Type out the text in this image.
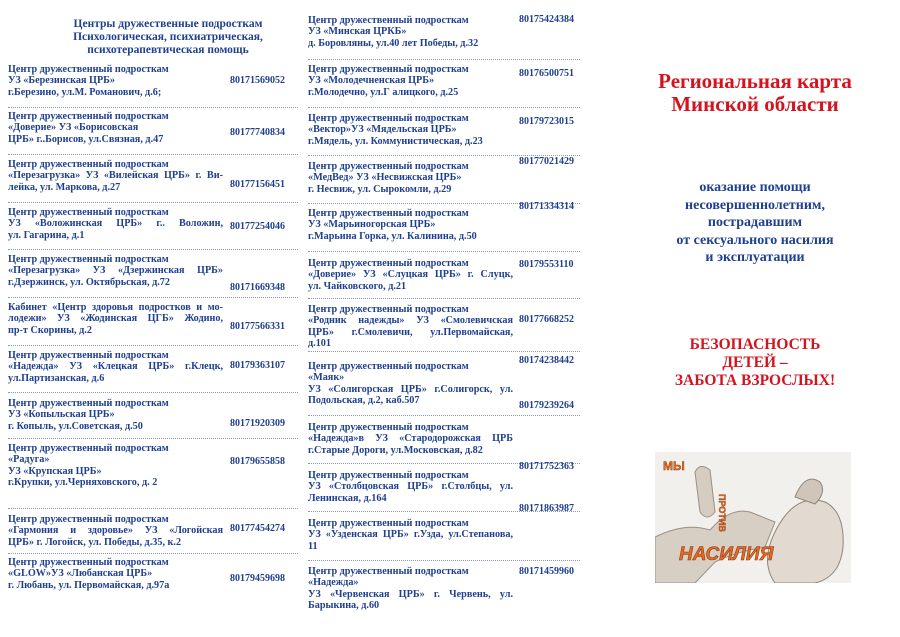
Центры дружественные подросткам
Психологическая, психиатрическая,
психотерапевтическая помощь
Центр дружественный подросткам
УЗ «Березинская ЦРБ»
г.Березино, ул.М. Романович, д.6;
80171569052
Центр дружественный подросткам
«Доверие» УЗ «Борисовская
ЦРБ» г..Борисов, ул.Связная, д.47
80177740834
Центр дружественный подросткам
«Перезагрузка» УЗ «Вилейская ЦРБ» г. Ви-
лейка, ул. Маркова, д.27	80177156451
Центр дружественный подросткам
УЗ «Воложинская ЦРБ» г.. Воложин,
ул. Гагарина, д.1
80177254046
Центр дружественный подросткам
«Перезагрузка» УЗ «Дзержинская ЦРБ»
г.Дзержинск, ул. Октябрьская, д.72	80171669348
Кабинет «Центр здоровья подростков и мо-
лодежи» УЗ «Жодинская ЦГБ» Жодино,
пр-т Скорины, д.2	80177566331
Центр дружественный подросткам
«Надежда» УЗ «Клецкая ЦРБ» г.Клецк,
ул.Партизанская, д.6
80179363107
Центр дружественный подросткам
УЗ «Копыльская ЦРБ»
г. Копыль, ул.Советская, д.50	80171920309
Центр дружественный подросткам
«Радуга»
УЗ «Крупская ЦРБ»
г.Крупки, ул.Черняховского, д. 2
80179655858
Центр дружественный подросткам
«Гармония и здоровье» УЗ «Логойская
ЦРБ» г. Логойск, ул. Победы, д.35, к.2
80177454274
Центр дружественный подросткам
«GLOW»УЗ «Любанская ЦРБ»
г. Любань, ул. Первомайская, д.97а
80179459698
Центр дружественный подросткам
УЗ «Минская ЦРКБ»
д. Боровляны, ул.40 лет Победы, д.32
80175424384
Центр дружественный подросткам
УЗ «Молодечненская ЦРБ»
г.Молодечно, ул.Г алицкого, д.25
80176500751
Центр дружественный подросткам
«Вектор»УЗ «Мядельская ЦРБ»
г.Мядель, ул. Коммунистическая, д.23
80179723015
Центр дружественный подросткам
«МедВед» УЗ «Несвижская ЦРБ»
г. Несвиж, ул. Сырокомли, д.29
80177021429
Центр дружественный подросткам
УЗ «Марьиногорская ЦРБ»
г.Марьина Горка, ул. Калинина, д.50
80171334314
Центр дружественный подросткам
«Доверие» УЗ «Слуцкая ЦРБ» г. Слуцк,
ул. Чайковского, д.21
80179553110
Центр дружественный подросткам
«Родник надежды» УЗ «Смолевичская
ЦРБ» г.Смолевичи, ул.Первомайская,
д.101
80177668252
Центр дружественный подросткам
«Маяк»
УЗ «Солигорская ЦРБ» г.Солигорск, ул.
Подольская, д.2, каб.507
80174238442
Центр дружественный подросткам
«Надежда»в УЗ «Стародорожская ЦРБ
г.Старые Дороги, ул.Московская, д.82
80179239264
Центр дружественный подросткам
УЗ «Столбцовская ЦРБ» г.Столбцы, ул.
Ленинская, д.164
80171752363
Центр дружественный подросткам
УЗ «Узденская ЦРБ» г.Узда, ул.Степанова,
11
80171863987
Центр дружественный подросткам
«Надежда»
УЗ «Червенская ЦРБ» г. Червень, ул.
Барыкина, д.60
80171459960
Региональная карта
Минской области
оказание помощи
несовершеннолетним,
пострадавшим
от сексуального насилия
и эксплуатации
БЕЗОПАСНОСТЬ
ДЕТЕЙ –
ЗАБОТА ВЗРОСЛЫХ!
МЫ
ПРОТИВ
НАСИЛИЯ
